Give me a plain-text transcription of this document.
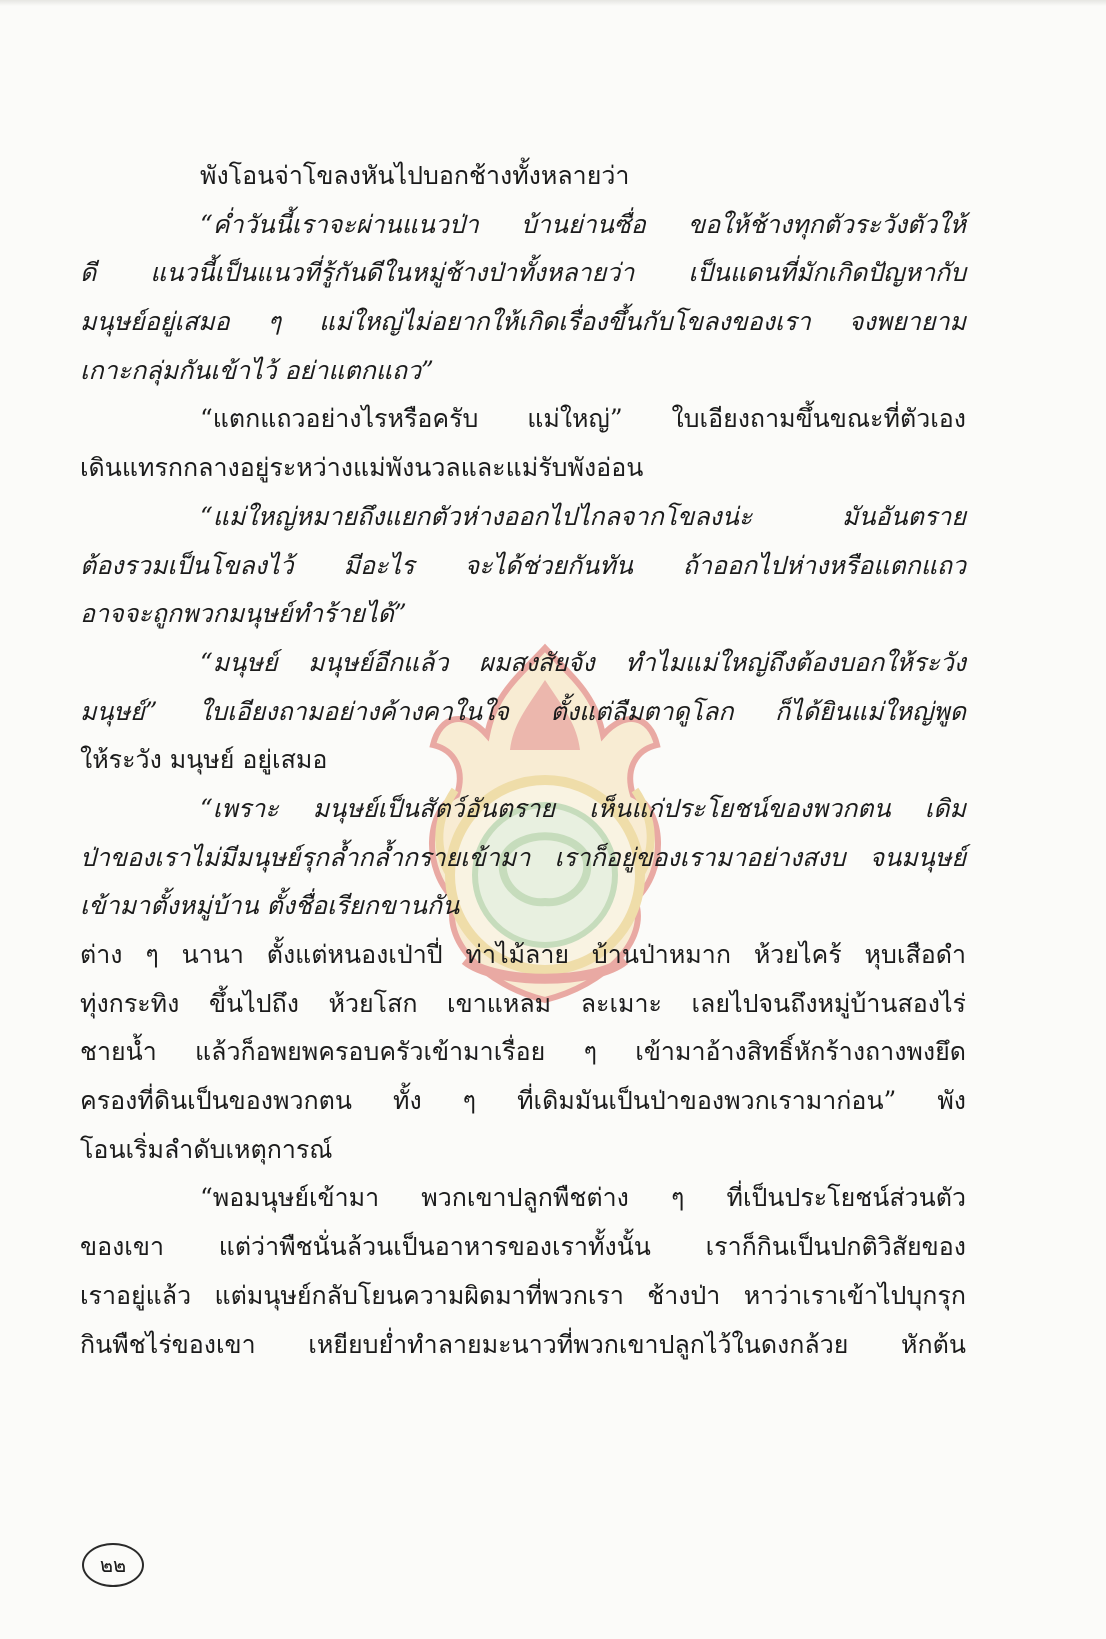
พังโอนจ่าโขลงหันไปบอกช้างทั้งหลายว่า
“ค่ำวันนี้เราจะผ่านแนวป่า บ้านย่านซื่อ ขอให้ช้างทุกตัวระวังตัวให้
ดี แนวนี้เป็นแนวที่รู้กันดีในหมู่ช้างป่าทั้งหลายว่า เป็นแดนที่มักเกิดปัญหากับ
มนุษย์อยู่เสมอ ๆ แม่ใหญ่ไม่อยากให้เกิดเรื่องขึ้นกับโขลงของเรา จงพยายาม
เกาะกลุ่มกันเข้าไว้ อย่าแตกแถว”
“แตกแถวอย่างไรหรือครับ แม่ใหญ่” ใบเอียงถามขึ้นขณะที่ตัวเอง
เดินแทรกกลางอยู่ระหว่างแม่พังนวลและแม่รับพังอ่อน
“แม่ใหญ่หมายถึงแยกตัวห่างออกไปไกลจากโขลงน่ะ มันอันตราย
ต้องรวมเป็นโขลงไว้ มีอะไร จะได้ช่วยกันทัน ถ้าออกไปห่างหรือแตกแถว
อาจจะถูกพวกมนุษย์ทำร้ายได้”
“มนุษย์ มนุษย์อีกแล้ว ผมสงสัยจัง ทำไมแม่ใหญ่ถึงต้องบอกให้ระวัง
มนุษย์” ใบเอียงถามอย่างค้างคาในใจ ตั้งแต่ลืมตาดูโลก ก็ได้ยินแม่ใหญ่พูด
ให้ระวัง มนุษย์ อยู่เสมอ
“เพราะ มนุษย์เป็นสัตว์อันตราย เห็นแก่ประโยชน์ของพวกตน เดิม
ป่าของเราไม่มีมนุษย์รุกล้ำกล้ำกรายเข้ามา เราก็อยู่ของเรามาอย่างสงบ จนมนุษย์
เข้ามาตั้งหมู่บ้าน ตั้งชื่อเรียกขานกัน
ต่าง ๆ นานา ตั้งแต่หนองเป่าปี่ ท่าไม้ลาย บ้านป่าหมาก ห้วยไคร้ หุบเสือดำ
ทุ่งกระทิง ขึ้นไปถึง ห้วยโสก เขาแหลม ละเมาะ เลยไปจนถึงหมู่บ้านสองไร่
ชายน้ำ แล้วก็อพยพครอบครัวเข้ามาเรื่อย ๆ เข้ามาอ้างสิทธิ์หักร้างถางพงยึด
ครองที่ดินเป็นของพวกตน ทั้ง ๆ ที่เดิมมันเป็นป่าของพวกเรามาก่อน” พัง
โอนเริ่มลำดับเหตุการณ์
“พอมนุษย์เข้ามา พวกเขาปลูกพืชต่าง ๆ ที่เป็นประโยชน์ส่วนตัว
ของเขา แต่ว่าพืชนั่นล้วนเป็นอาหารของเราทั้งนั้น เราก็กินเป็นปกติวิสัยของ
เราอยู่แล้ว แต่มนุษย์กลับโยนความผิดมาที่พวกเรา ช้างป่า หาว่าเราเข้าไปบุกรุก
กินพืชไร่ของเขา เหยียบย่ำทำลายมะนาวที่พวกเขาปลูกไว้ในดงกล้วย หักต้น
๒๒
